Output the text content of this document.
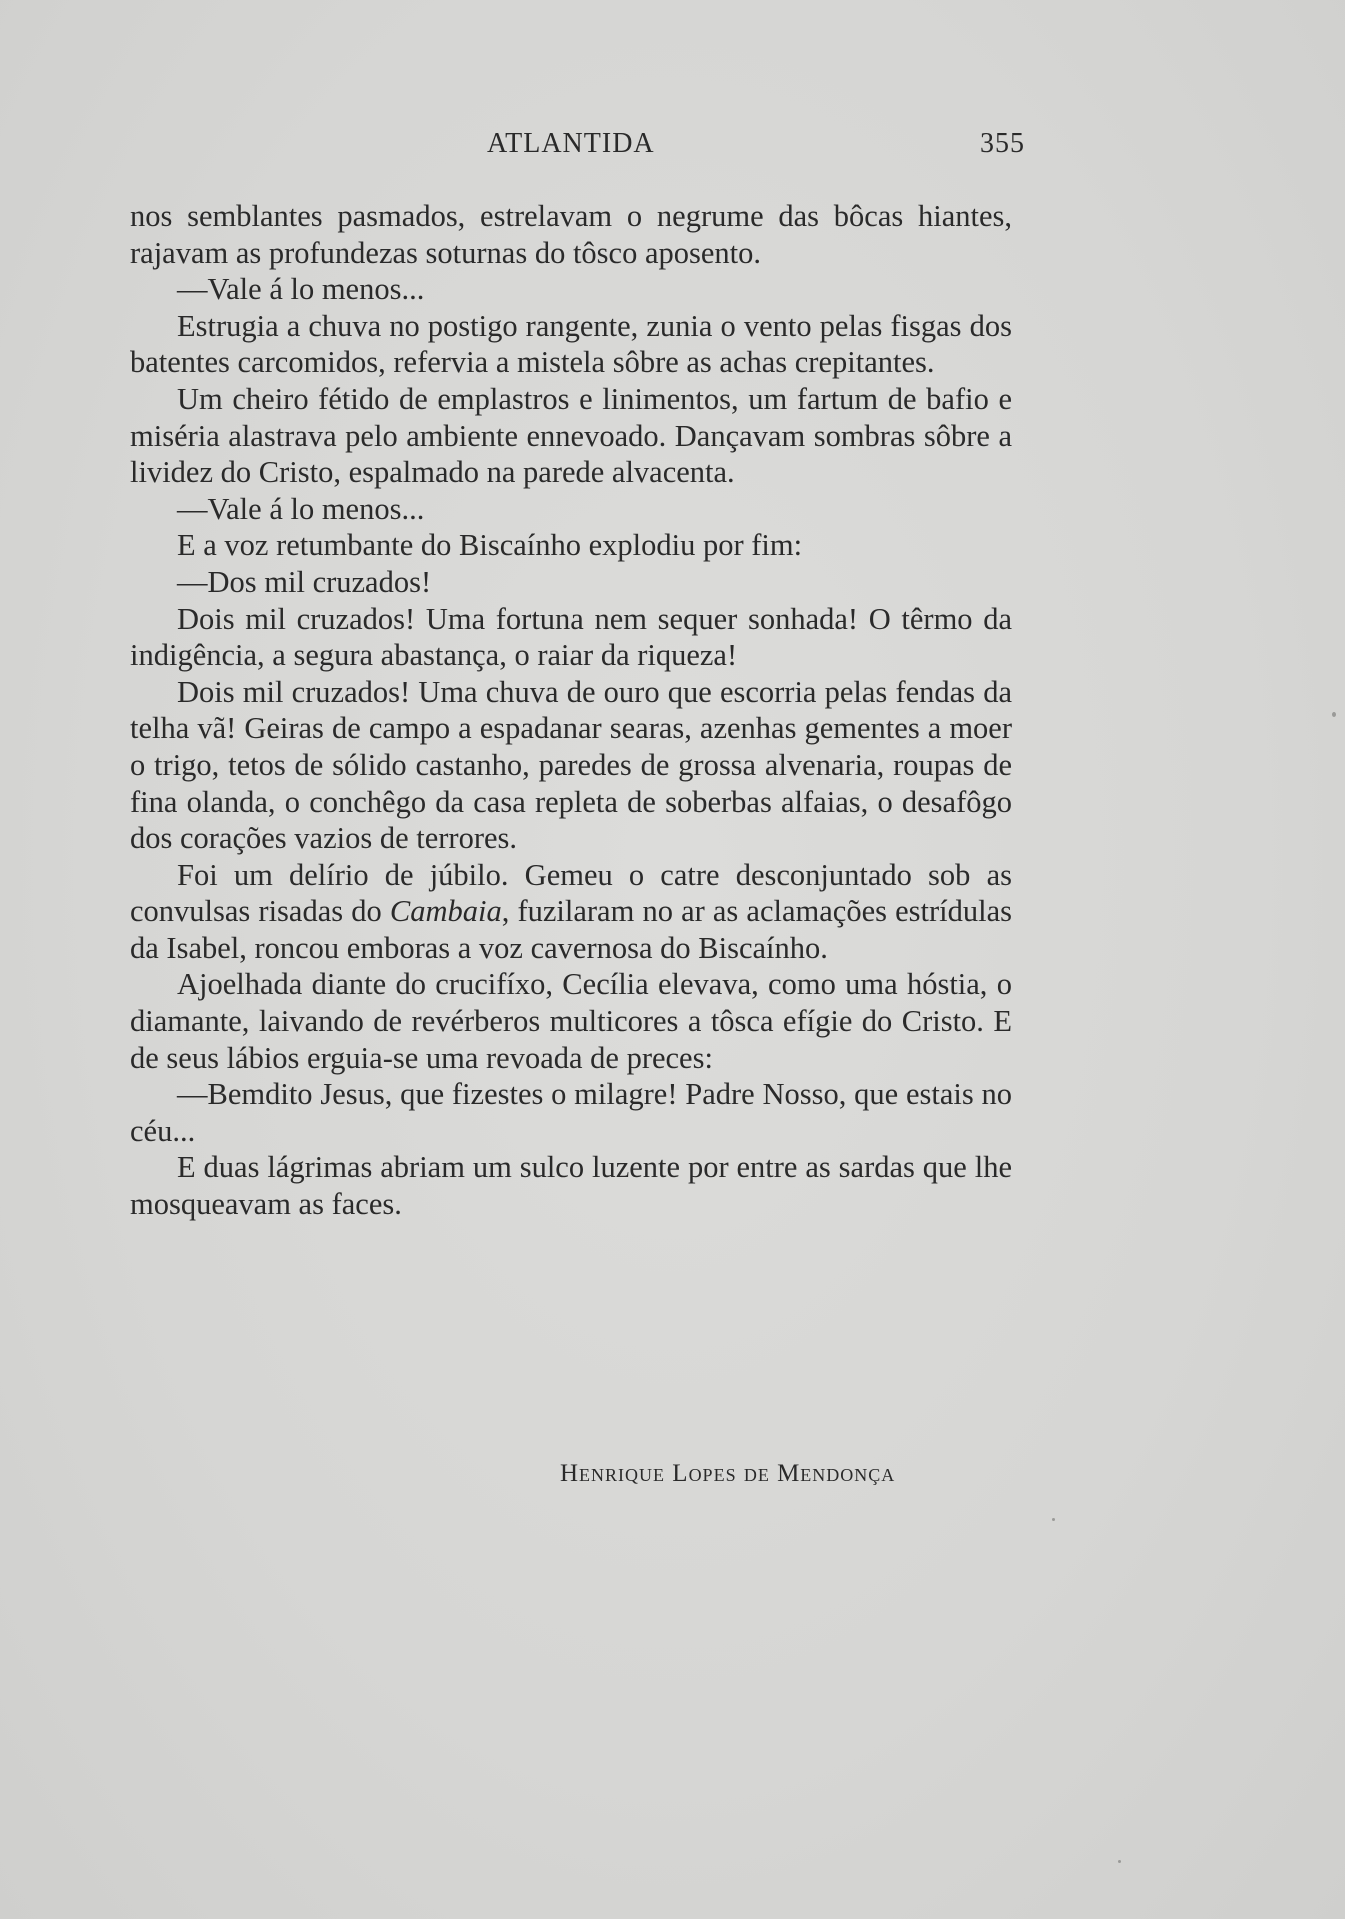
ATLANTIDA	355

nos semblantes pasmados, estrelavam o negrume das bôcas hiantes, rajavam as profundezas soturnas do tôsco aposento.

—Vale á lo menos...

Estrugia a chuva no postigo rangente, zunia o vento pelas fisgas dos batentes carcomidos, refervia a mistela sôbre as achas crepitantes.

Um cheiro fétido de emplastros e linimentos, um fartum de bafio e miséria alastrava pelo ambiente ennevoado. Dançavam sombras sôbre a lividez do Cristo, espalmado na parede alvacenta.

—Vale á lo menos...

E a voz retumbante do Biscaínho explodiu por fim:

—Dos mil cruzados!

Dois mil cruzados! Uma fortuna nem sequer sonhada! O têrmo da indigência, a segura abastança, o raiar da riqueza!

Dois mil cruzados! Uma chuva de ouro que escorria pelas fendas da telha vã! Geiras de campo a espadanar searas, azenhas gementes a moer o trigo, tetos de sólido castanho, paredes de grossa alvenaria, roupas de fina olanda, o conchêgo da casa repleta de soberbas alfaias, o desafôgo dos corações vazios de terrores.

Foi um delírio de júbilo. Gemeu o catre desconjuntado sob as convulsas risadas do Cambaia, fuzilaram no ar as aclamações estrídulas da Isabel, roncou emboras a voz cavernosa do Biscaínho.

Ajoelhada diante do crucifíxo, Cecília elevava, como uma hóstia, o diamante, laivando de revérberos multicores a tôsca efígie do Cristo. E de seus lábios erguia-se uma revoada de preces:

—Bemdito Jesus, que fizestes o milagre! Padre Nosso, que estais no céu...

E duas lágrimas abriam um sulco luzente por entre as sardas que lhe mosqueavam as faces.

Henrique Lopes de Mendonça
